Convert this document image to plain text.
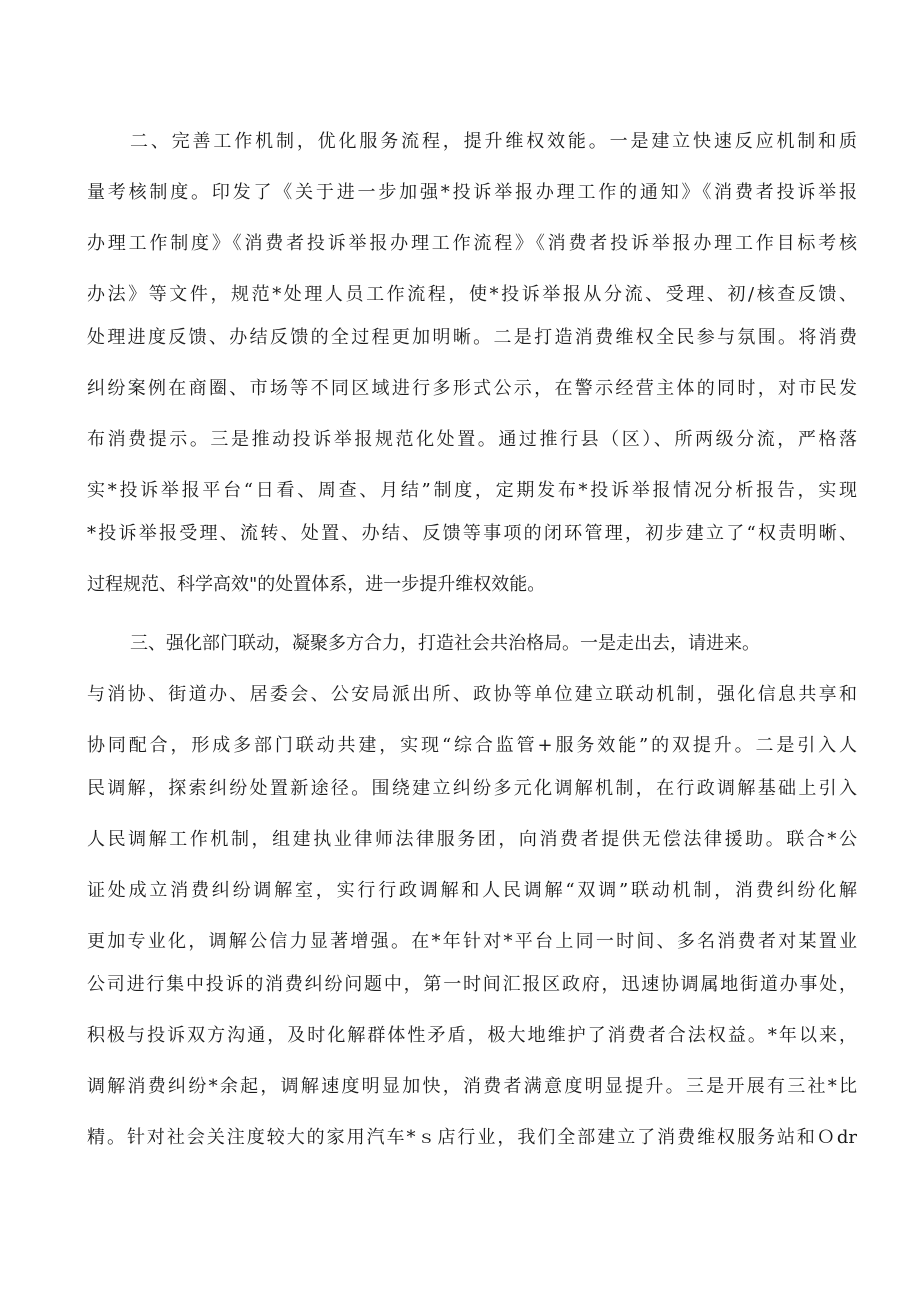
二、完善工作机制，优化服务流程，提升维权效能。一是建立快速反应机制和质
量考核制度。印发了《关于进一步加强*投诉举报办理工作的通知》《消费者投诉举报
办理工作制度》《消费者投诉举报办理工作流程》《消费者投诉举报办理工作目标考核
办法》等文件，规范*处理人员工作流程，使*投诉举报从分流、受理、初/核查反馈、
处理进度反馈、办结反馈的全过程更加明晰。二是打造消费维权全民参与氛围。将消费
纠纷案例在商圈、市场等不同区域进行多形式公示，在警示经营主体的同时，对市民发
布消费提示。三是推动投诉举报规范化处置。通过推行县（区）、所两级分流，严格落
实*投诉举报平台“日看、周查、月结”制度，定期发布*投诉举报情况分析报告，实现
*投诉举报受理、流转、处置、办结、反馈等事项的闭环管理，初步建立了“权责明晰、
过程规范、科学高效"的处置体系，进一步提升维权效能。
三、强化部门联动，凝聚多方合力，打造社会共治格局。一是走出去，请进来。
与消协、街道办、居委会、公安局派出所、政协等单位建立联动机制，强化信息共享和
协同配合，形成多部门联动共建，实现“综合监管+服务效能”的双提升。二是引入人
民调解，探索纠纷处置新途径。围绕建立纠纷多元化调解机制，在行政调解基础上引入
人民调解工作机制，组建执业律师法律服务团，向消费者提供无偿法律援助。联合*公
证处成立消费纠纷调解室，实行行政调解和人民调解“双调”联动机制，消费纠纷化解
更加专业化，调解公信力显著增强。在*年针对*平台上同一时间、多名消费者对某置业
公司进行集中投诉的消费纠纷问题中，第一时间汇报区政府，迅速协调属地街道办事处，
积极与投诉双方沟通，及时化解群体性矛盾，极大地维护了消费者合法权益。*年以来，
调解消费纠纷*余起，调解速度明显加快，消费者满意度明显提升。三是开展有三社*比
精。针对社会关注度较大的家用汽车*ｓ店行业，我们全部建立了消费维权服务站和Ｏdr
